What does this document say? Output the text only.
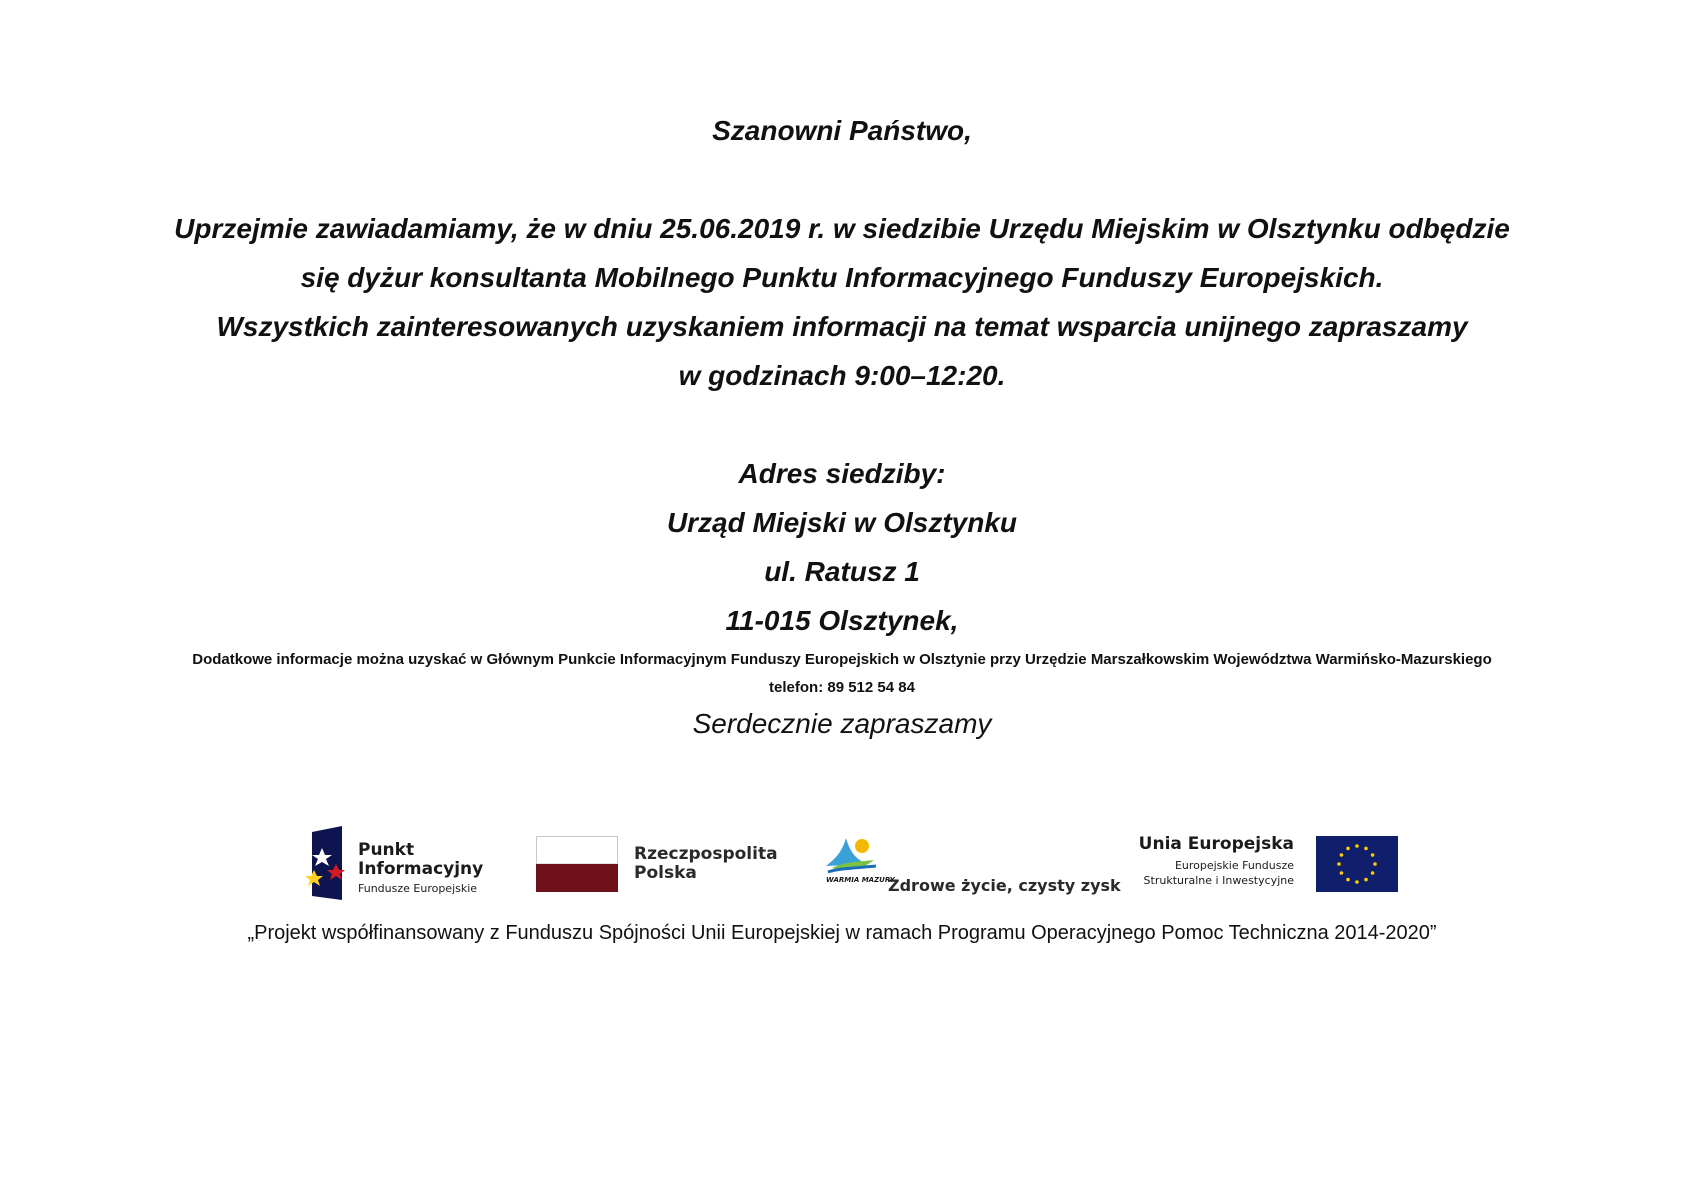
Szanowni Państwo,
Uprzejmie zawiadamiamy, że w dniu 25.06.2019 r. w siedzibie Urzędu Miejskim w Olsztynku odbędzie
się dyżur konsultanta Mobilnego Punktu Informacyjnego Funduszy Europejskich.
Wszystkich zainteresowanych uzyskaniem informacji na temat wsparcia unijnego zapraszamy
w godzinach 9:00–12:20.
Adres siedziby:
Urząd Miejski w Olsztynku
ul. Ratusz 1
11-015 Olsztynek,
Dodatkowe informacje można uzyskać w Głównym Punkcie Informacyjnym Funduszy Europejskich w Olsztynie przy Urzędzie Marszałkowskim Województwa Warmińsko-Mazurskiego
telefon: 89 512 54 84
Serdecznie zapraszamy
Punkt
Informacyjny
Fundusze Europejskie
Rzeczpospolita
Polska	WARMIA MAZURY
Zdrowe życie, czysty zysk
Unia Europejska
Europejskie Fundusze
Strukturalne i Inwestycyjne
„Projekt współfinansowany z Funduszu Spójności Unii Europejskiej w ramach Programu Operacyjnego Pomoc Techniczna 2014-2020”
